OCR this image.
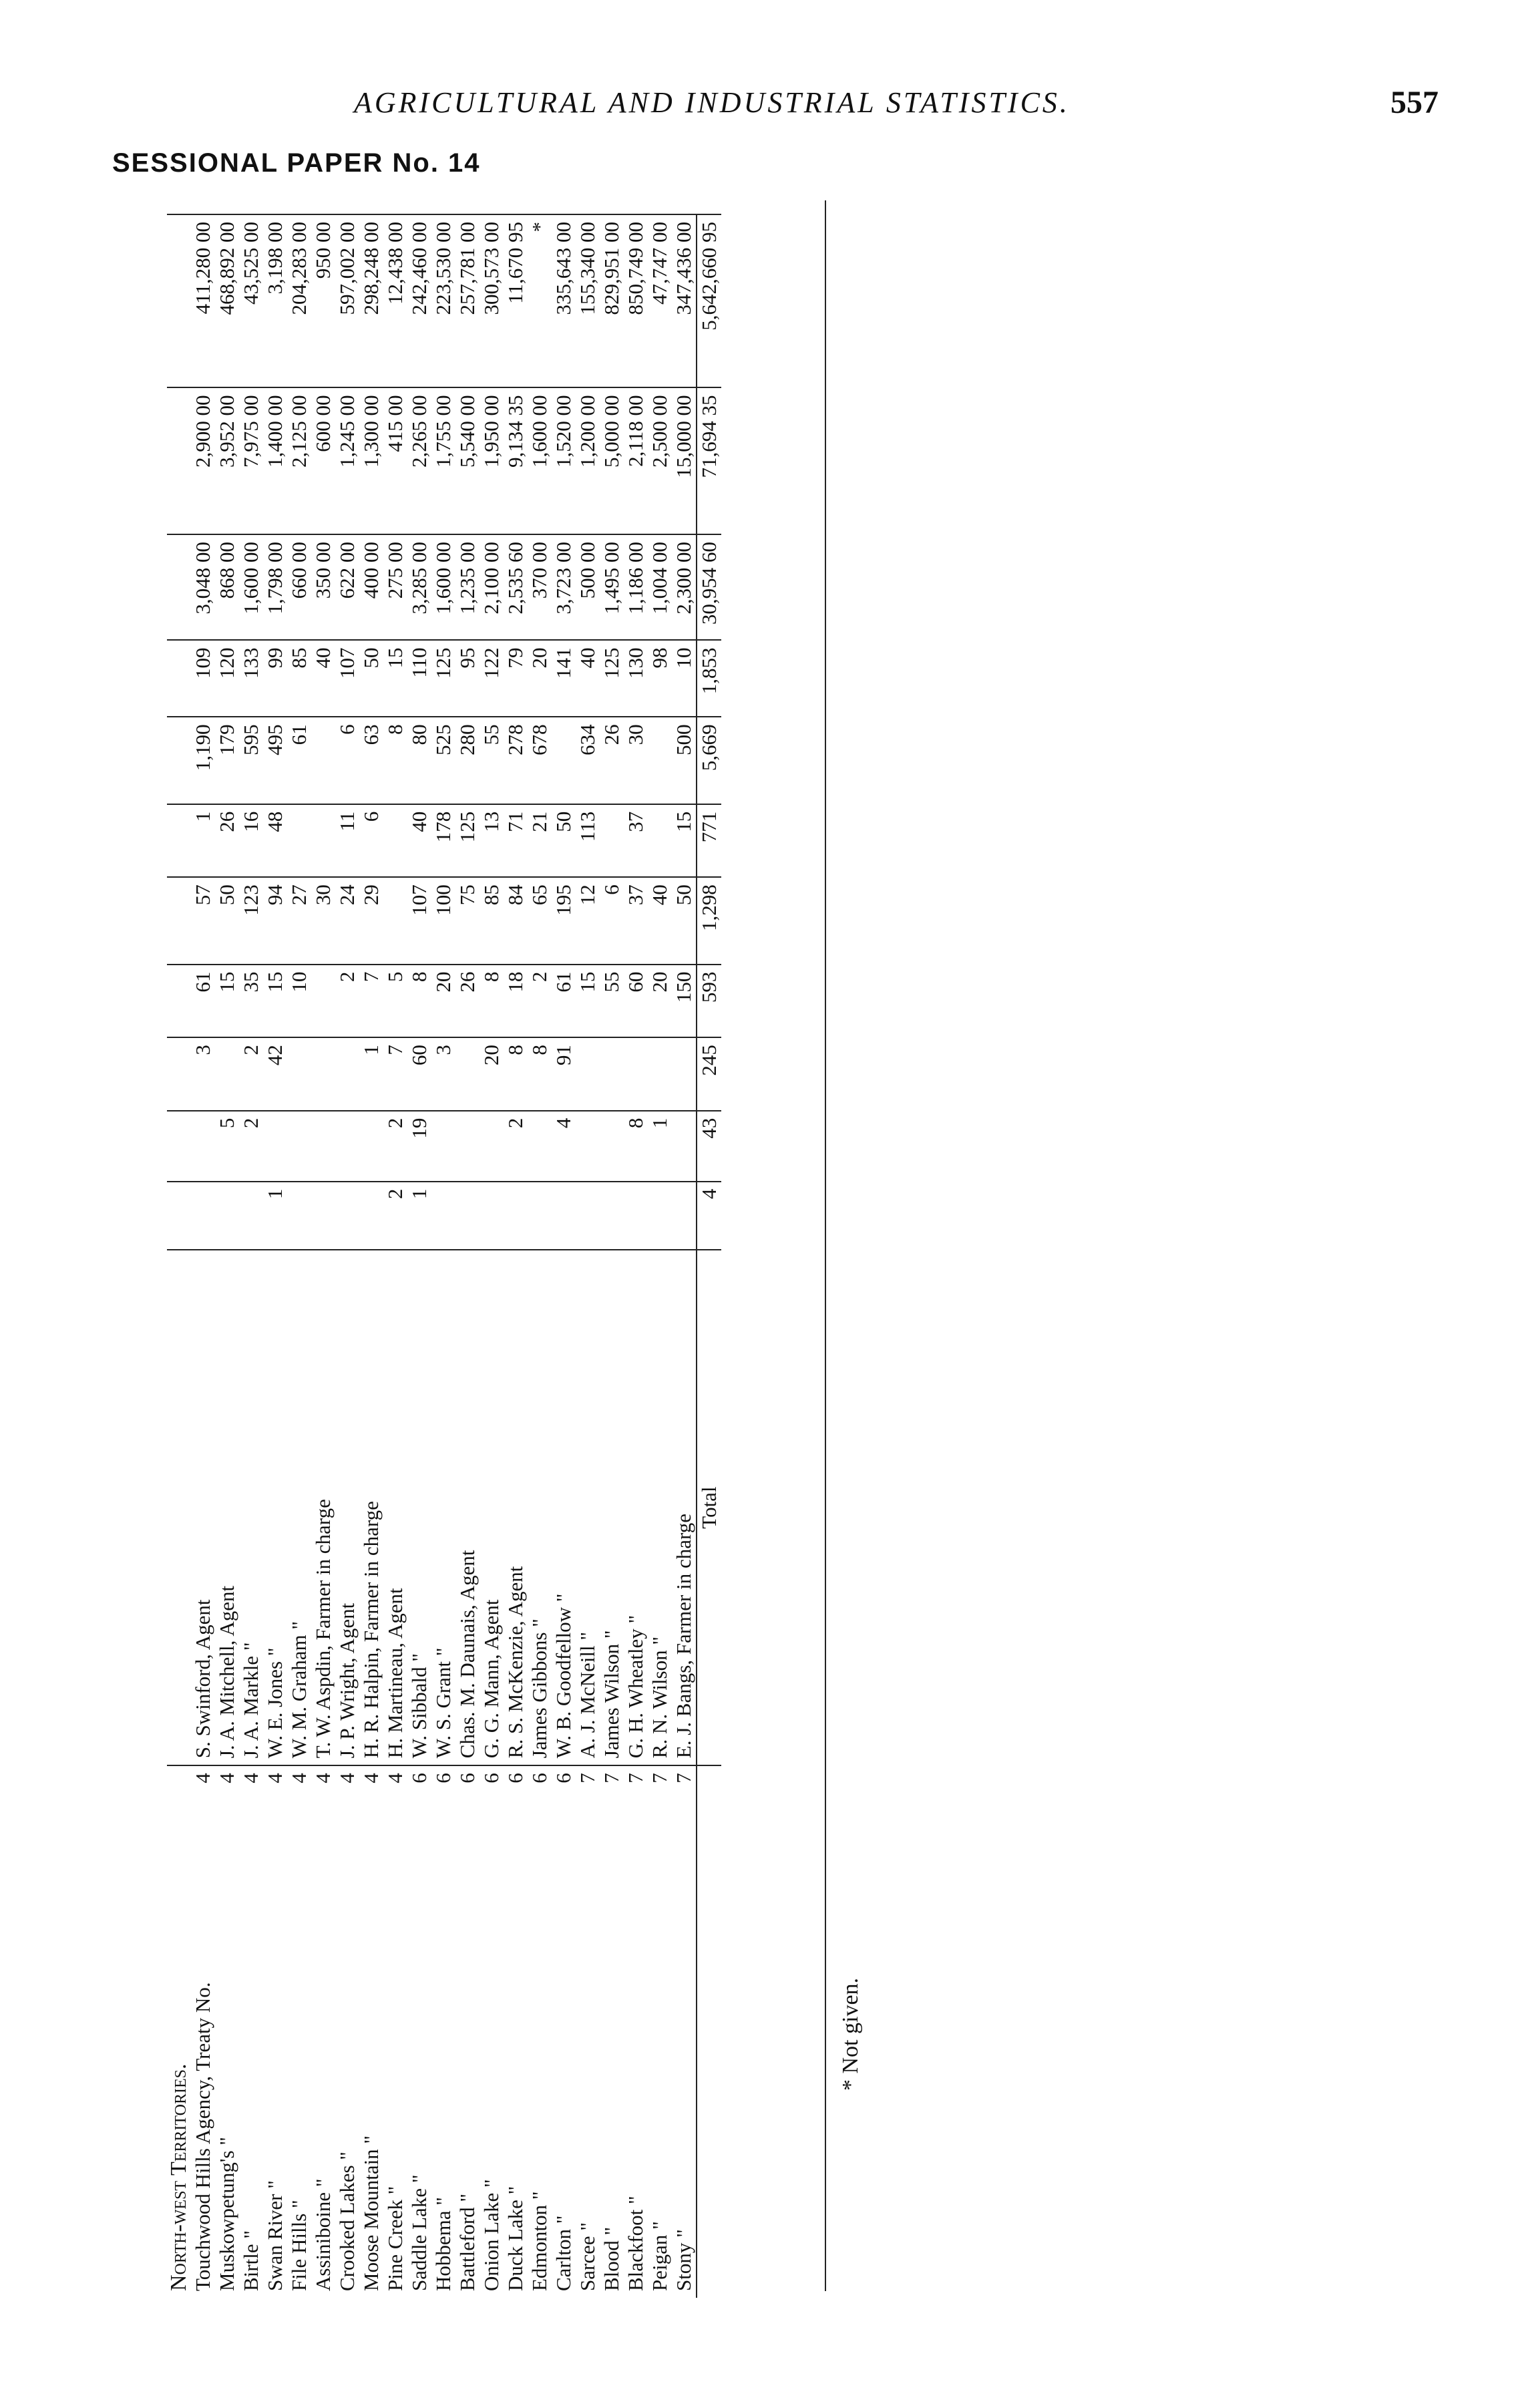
AGRICULTURAL AND INDUSTRIAL STATISTICS.	557
SESSIONAL PAPER No. 14
North-west Territories.													
Touchwood Hills Agency, Treaty No.	4	S. Swinford, Agent			3	61	57	1	1,190	109	3,048 00	2,900 00	411,280 00
Muskowpetung's "	4	J. A. Mitchell, Agent		5		15	50	26	179	120	868 00	3,952 00	468,892 00
Birtle "	4	J. A. Markle "		2	2	35	123	16	595	133	1,600 00	7,975 00	43,525 00
Swan River "	4	W. E. Jones "	1		42	15	94	48	495	99	1,798 00	1,400 00	3,198 00
File Hills "	4	W. M. Graham "				10	27		61	85	660 00	2,125 00	204,283 00
Assiniboine "	4	T. W. Aspdin, Farmer in charge					30			40	350 00	600 00	950 00
Crooked Lakes "	4	J. P. Wright, Agent				2	24	11	6	107	622 00	1,245 00	597,002 00
Moose Mountain "	4	H. R. Halpin, Farmer in charge			1	7	29	6	63	50	400 00	1,300 00	298,248 00
Pine Creek "	4	H. Martineau, Agent	2	2	7	5			8	15	275 00	415 00	12,438 00
Saddle Lake "	6	W. Sibbald "	1	19	60	8	107	40	80	110	3,285 00	2,265 00	242,460 00
Hobbema "	6	W. S. Grant "			3	20	100	178	525	125	1,600 00	1,755 00	223,530 00
Battleford "	6	Chas. M. Daunais, Agent				26	75	125	280	95	1,235 00	5,540 00	257,781 00
Onion Lake "	6	G. G. Mann, Agent			20	8	85	13	55	122	2,100 00	1,950 00	300,573 00
Duck Lake "	6	R. S. McKenzie, Agent		2	8	18	84	71	278	79	2,535 60	9,134 35	11,670 95
Edmonton "	6	James Gibbons "			8	2	65	21	678	20	370 00	1,600 00	*
Carlton "	6	W. B. Goodfellow "		4	91	61	195	50		141	3,723 00	1,520 00	335,643 00
Sarcee "	7	A. J. McNeill "				15	12	113	634	40	500 00	1,200 00	155,340 00
Blood "	7	James Wilson "				55	6		26	125	1,495 00	5,000 00	829,951 00
Blackfoot "	7	G. H. Wheatley "		8		60	37	37	30	130	1,186 00	2,118 00	850,749 00
Peigan "	7	R. N. Wilson "		1		20	40			98	1,004 00	2,500 00	47,747 00
Stony "	7	E. J. Bangs, Farmer in charge				150	50	15	500	10	2,300 00	15,000 00	347,436 00
		Total	4	43	245	593	1,298	771	5,669	1,853	30,954 60	71,694 35	5,642,660 95
* Not given.
